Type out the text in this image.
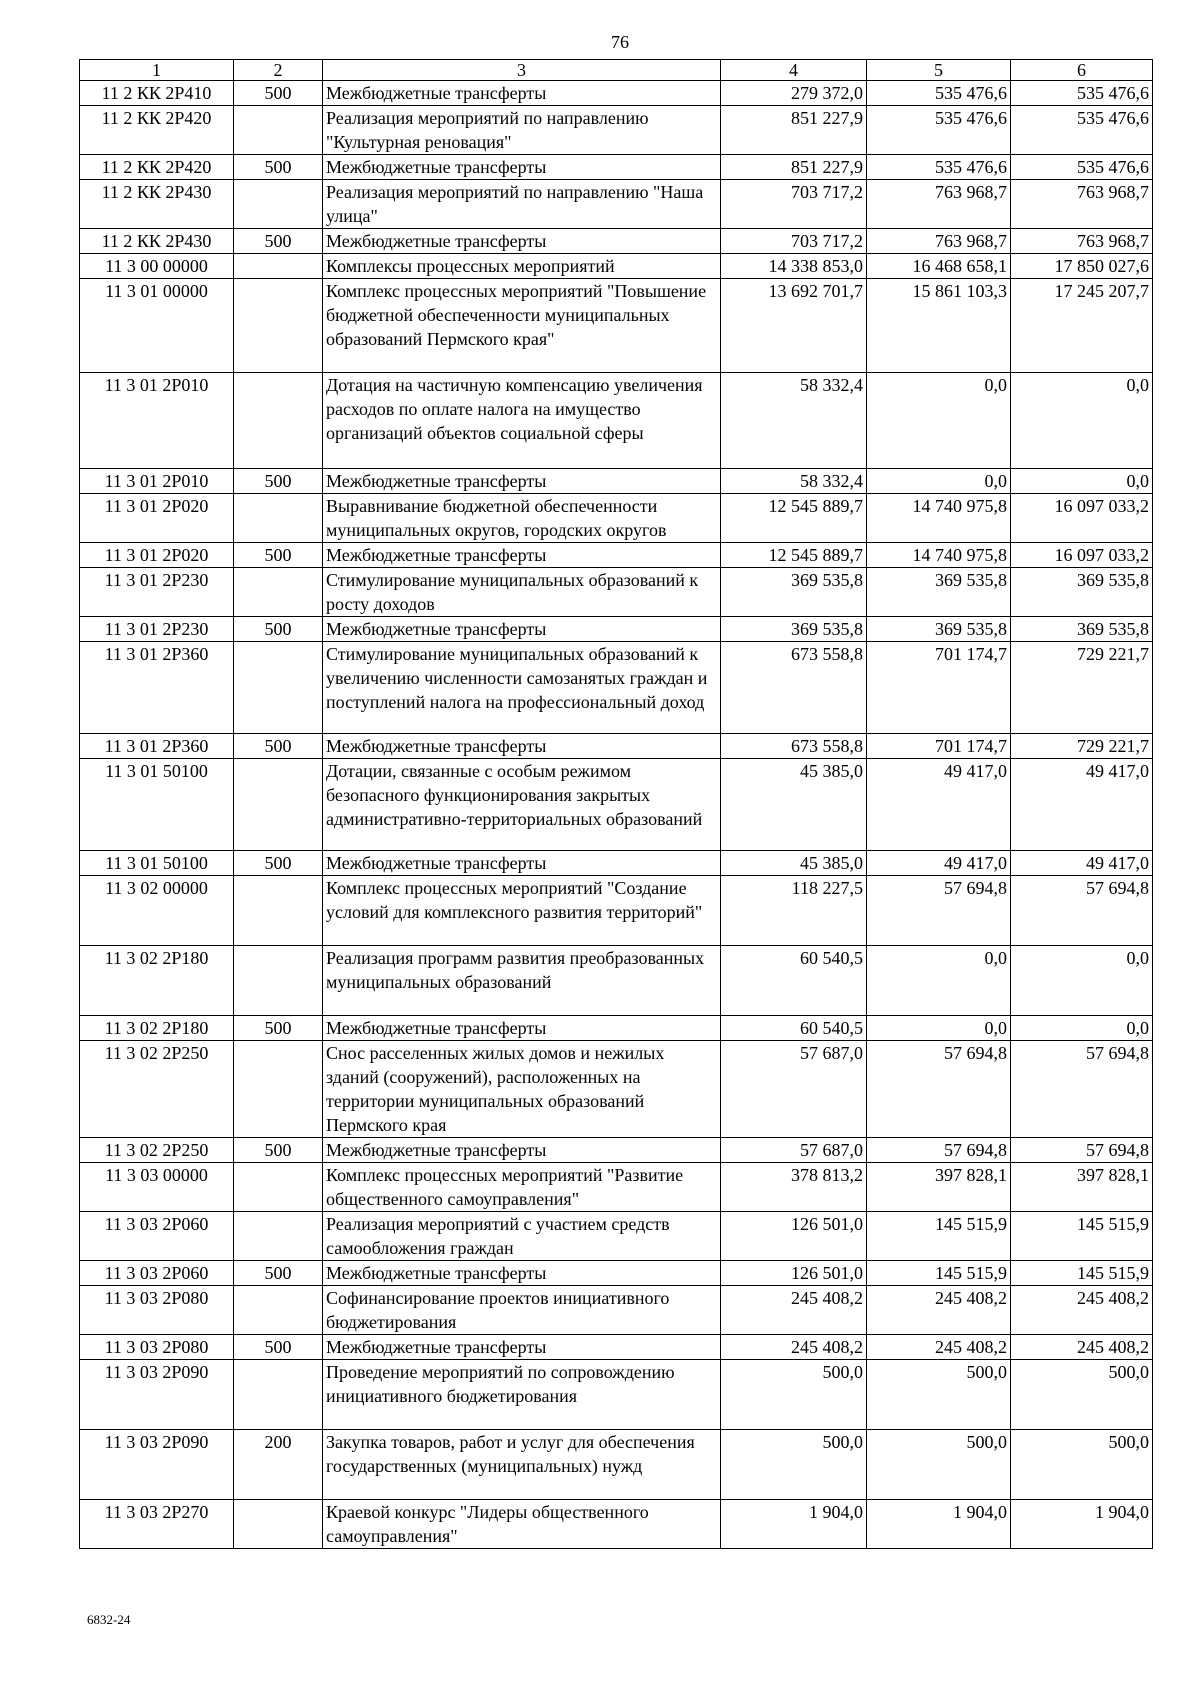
76
1	2	3	4	5	6
11 2 КК 2Р410	500	Межбюджетные трансферты	279 372,0	535 476,6	535 476,6
11 2 КК 2Р420		Реализация мероприятий по направлению "Культурная реновация"	851 227,9	535 476,6	535 476,6
11 2 КК 2Р420	500	Межбюджетные трансферты	851 227,9	535 476,6	535 476,6
11 2 КК 2Р430		Реализация мероприятий по направлению "Наша улица"	703 717,2	763 968,7	763 968,7
11 2 КК 2Р430	500	Межбюджетные трансферты	703 717,2	763 968,7	763 968,7
11 3 00 00000		Комплексы процессных мероприятий	14 338 853,0	16 468 658,1	17 850 027,6
11 3 01 00000		Комплекс процессных мероприятий "Повышение бюджетной обеспеченности муниципальных образований Пермского края"	13 692 701,7	15 861 103,3	17 245 207,7
11 3 01 2Р010		Дотация на частичную компенсацию увеличения расходов по оплате налога на имущество организаций объектов социальной сферы	58 332,4	0,0	0,0
11 3 01 2Р010	500	Межбюджетные трансферты	58 332,4	0,0	0,0
11 3 01 2Р020		Выравнивание бюджетной обеспеченности муниципальных округов, городских округов	12 545 889,7	14 740 975,8	16 097 033,2
11 3 01 2Р020	500	Межбюджетные трансферты	12 545 889,7	14 740 975,8	16 097 033,2
11 3 01 2Р230		Стимулирование муниципальных образований к росту доходов	369 535,8	369 535,8	369 535,8
11 3 01 2Р230	500	Межбюджетные трансферты	369 535,8	369 535,8	369 535,8
11 3 01 2Р360		Стимулирование муниципальных образований к увеличению численности самозанятых граждан и поступлений налога на профессиональный доход	673 558,8	701 174,7	729 221,7
11 3 01 2Р360	500	Межбюджетные трансферты	673 558,8	701 174,7	729 221,7
11 3 01 50100		Дотации, связанные с особым режимом безопасного функционирования закрытых административно-территориальных образований	45 385,0	49 417,0	49 417,0
11 3 01 50100	500	Межбюджетные трансферты	45 385,0	49 417,0	49 417,0
11 3 02 00000		Комплекс процессных мероприятий "Создание условий для комплексного развития территорий"	118 227,5	57 694,8	57 694,8
11 3 02 2Р180		Реализация программ развития преобразованных муниципальных образований	60 540,5	0,0	0,0
11 3 02 2Р180	500	Межбюджетные трансферты	60 540,5	0,0	0,0
11 3 02 2Р250		Снос расселенных жилых домов и нежилых зданий (сооружений), расположенных на территории муниципальных образований Пермского края	57 687,0	57 694,8	57 694,8
11 3 02 2Р250	500	Межбюджетные трансферты	57 687,0	57 694,8	57 694,8
11 3 03 00000		Комплекс процессных мероприятий "Развитие общественного самоуправления"	378 813,2	397 828,1	397 828,1
11 3 03 2Р060		Реализация мероприятий с участием средств самообложения граждан	126 501,0	145 515,9	145 515,9
11 3 03 2Р060	500	Межбюджетные трансферты	126 501,0	145 515,9	145 515,9
11 3 03 2Р080		Софинансирование проектов инициативного бюджетирования	245 408,2	245 408,2	245 408,2
11 3 03 2Р080	500	Межбюджетные трансферты	245 408,2	245 408,2	245 408,2
11 3 03 2Р090		Проведение мероприятий по сопровождению инициативного бюджетирования	500,0	500,0	500,0
11 3 03 2Р090	200	Закупка товаров, работ и услуг для обеспечения государственных (муниципальных) нужд	500,0	500,0	500,0
11 3 03 2Р270		Краевой конкурс "Лидеры общественного самоуправления"	1 904,0	1 904,0	1 904,0
6832-24
